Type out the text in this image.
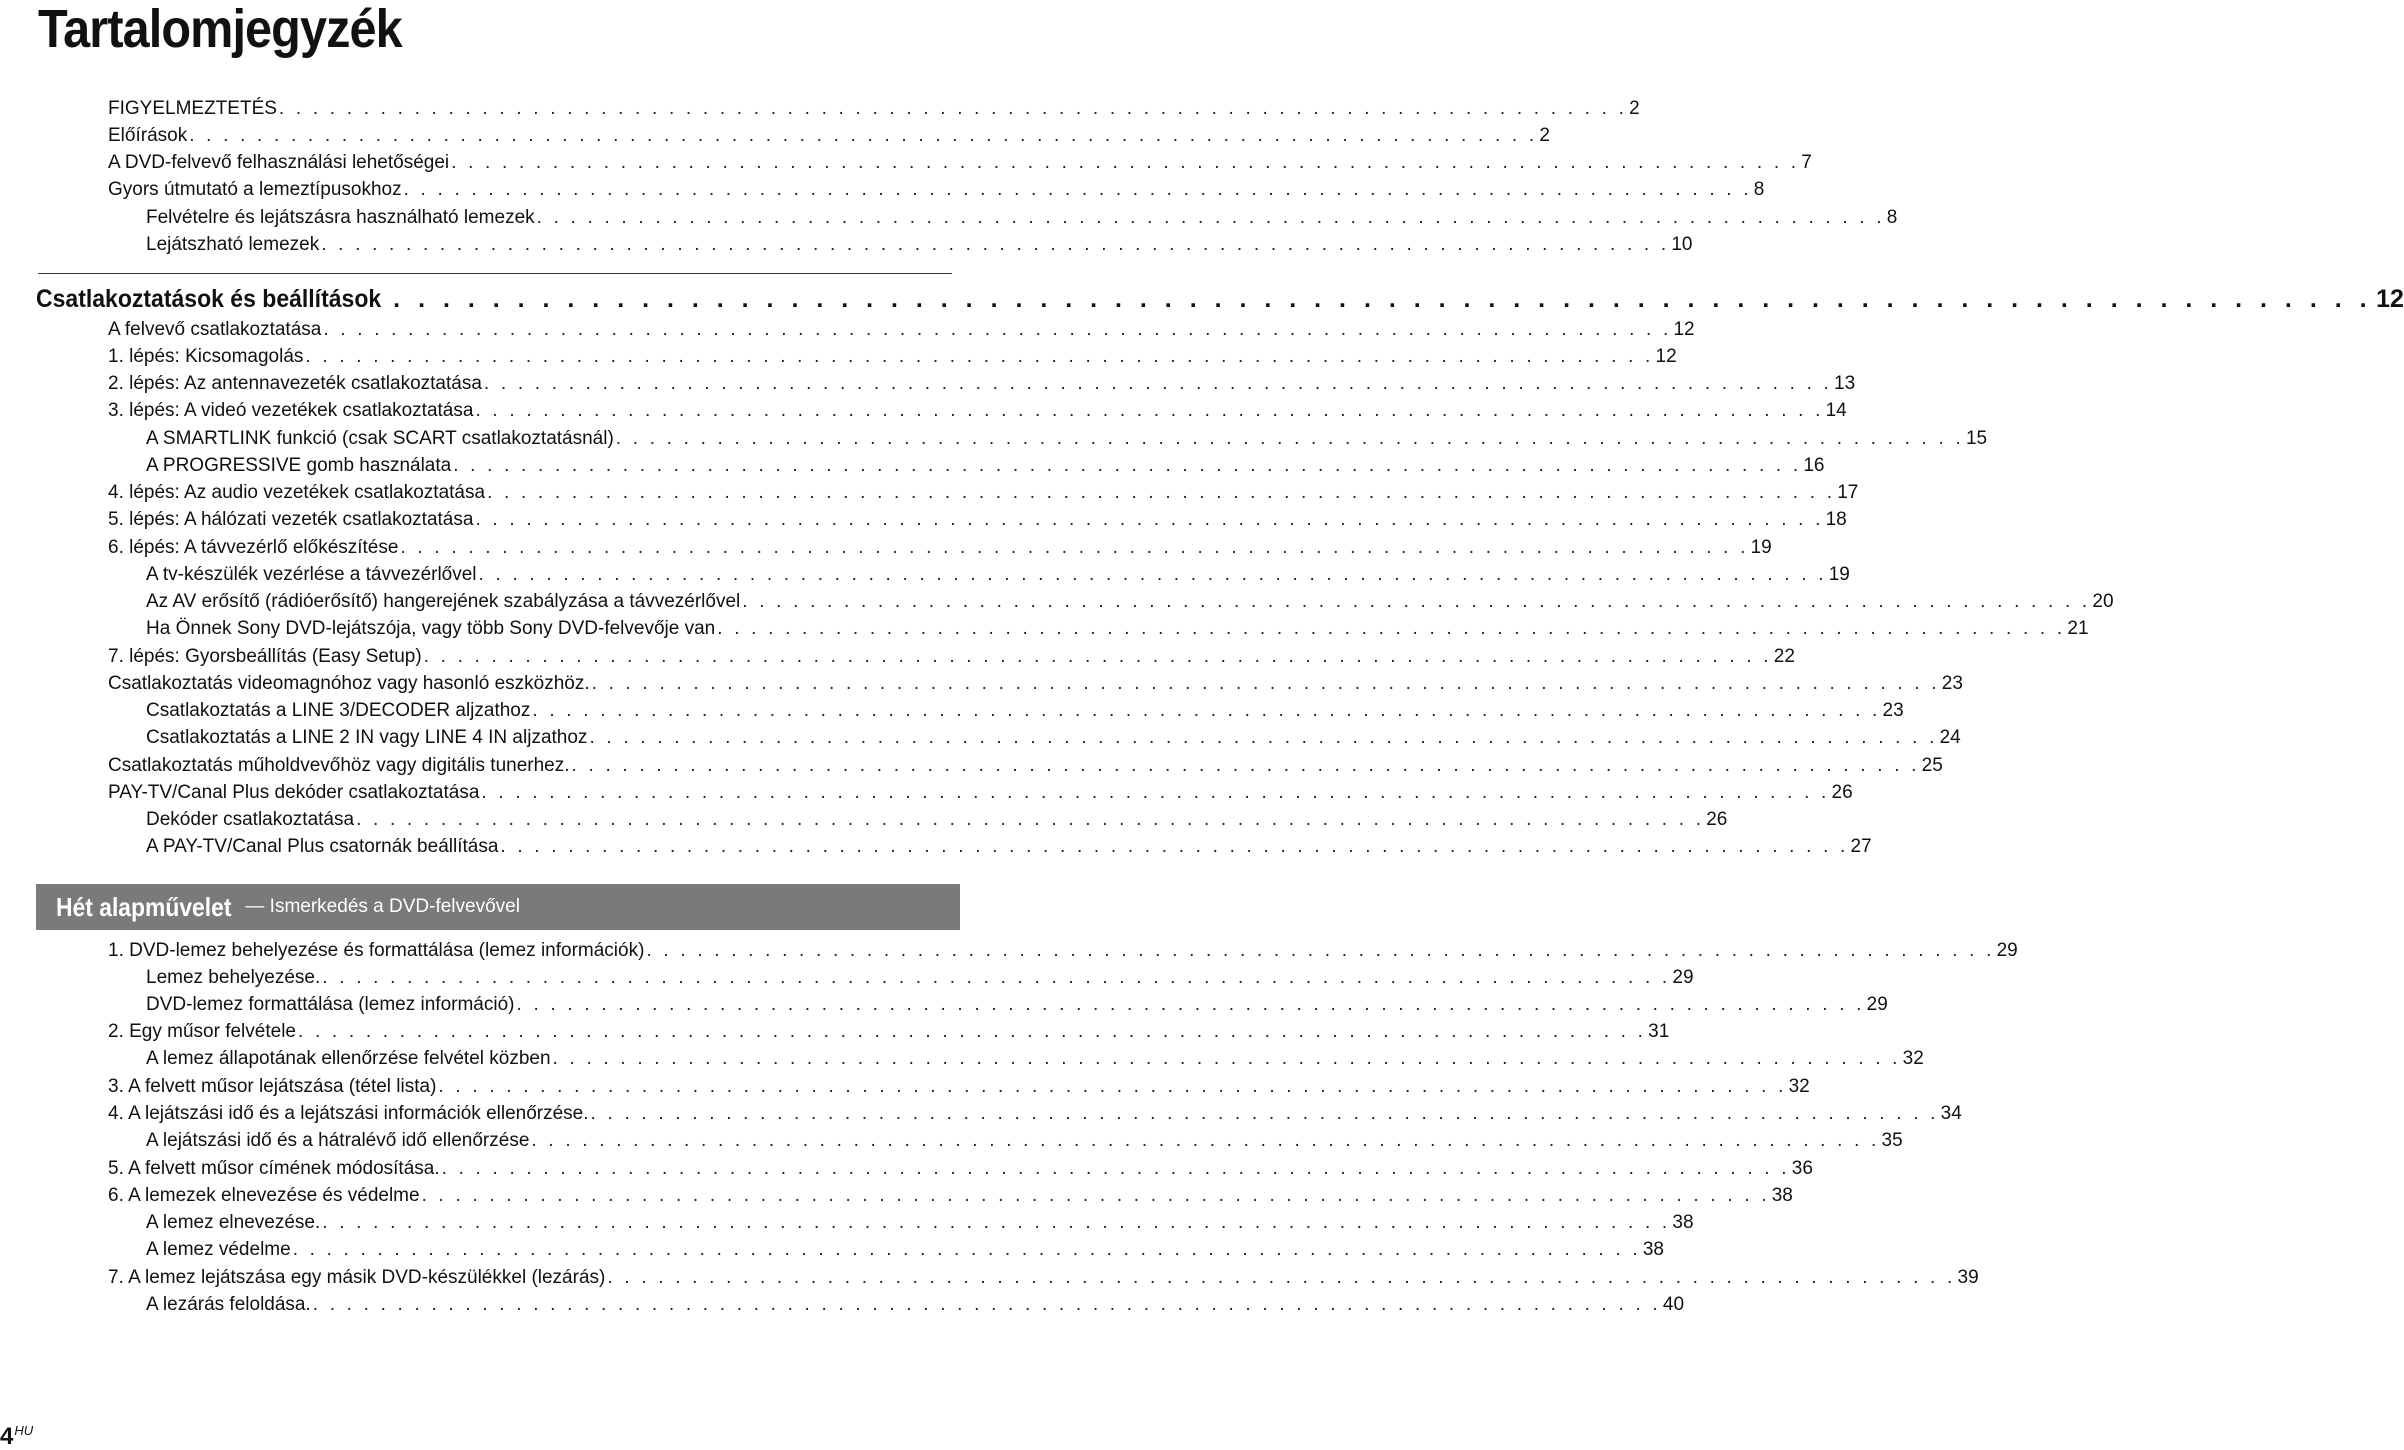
Tartalomjegyzék
FIGYELMEZTETÉS . . . . . . . . . . . . . . . . . . . . . . . . . . . . . . . . . . . . . . . . . . . . . . . . . . . . . . . . . . . . . . . . . . . . . . . . . . . . . . . . 2
Előírások . . . . . . . . . . . . . . . . . . . . . . . . . . . . . . . . . . . . . . . . . . . . . . . . . . . . . . . . . . . . . . . . . . . . . . . . . . . . . . . . 2
A DVD-felvevő felhasználási lehetőségei . . . . . . . . . . . . . . . . . . . . . . . . . . . . . . . . . . . . . . . . . . . . . . . . . . . . . . . . . . . . . . . . . . . . . . . . . . . . . . . . 7
Gyors útmutató a lemeztípusokhoz . . . . . . . . . . . . . . . . . . . . . . . . . . . . . . . . . . . . . . . . . . . . . . . . . . . . . . . . . . . . . . . . . . . . . . . . . . . . . . . . 8
Felvételre és lejátszásra használható lemezek . . . . . . . . . . . . . . . . . . . . . . . . . . . . . . . . . . . . . . . . . . . . . . . . . . . . . . . . . . . . . . . . . . . . . . . . . . . . . . . . 8
Lejátszható lemezek . . . . . . . . . . . . . . . . . . . . . . . . . . . . . . . . . . . . . . . . . . . . . . . . . . . . . . . . . . . . . . . . . . . . . . . . . . . . . . . . 10
Csatlakoztatások és beállítások . . . . . . . . . . . . . . . . . . . . . . . . . . . . . . . . . . . . . . . . . . . . . . . . . . . . . . . . . . . . . . . . . . . . . . . . . . . . . . . . 12
A felvevő csatlakoztatása . . . . . . . . . . . . . . . . . . . . . . . . . . . . . . . . . . . . . . . . . . . . . . . . . . . . . . . . . . . . . . . . . . . . . . . . . . . . . . . . 12
1. lépés: Kicsomagolás . . . . . . . . . . . . . . . . . . . . . . . . . . . . . . . . . . . . . . . . . . . . . . . . . . . . . . . . . . . . . . . . . . . . . . . . . . . . . . . . 12
2. lépés: Az antennavezeték csatlakoztatása . . . . . . . . . . . . . . . . . . . . . . . . . . . . . . . . . . . . . . . . . . . . . . . . . . . . . . . . . . . . . . . . . . . . . . . . . . . . . . . . 13
3. lépés: A videó vezetékek csatlakoztatása . . . . . . . . . . . . . . . . . . . . . . . . . . . . . . . . . . . . . . . . . . . . . . . . . . . . . . . . . . . . . . . . . . . . . . . . . . . . . . . . 14
A SMARTLINK funkció (csak SCART csatlakoztatásnál) . . . . . . . . . . . . . . . . . . . . . . . . . . . . . . . . . . . . . . . . . . . . . . . . . . . . . . . . . . . . . . . . . . . . . . . . . . . . . . . . 15
A PROGRESSIVE gomb használata . . . . . . . . . . . . . . . . . . . . . . . . . . . . . . . . . . . . . . . . . . . . . . . . . . . . . . . . . . . . . . . . . . . . . . . . . . . . . . . . 16
4. lépés: Az audio vezetékek csatlakoztatása . . . . . . . . . . . . . . . . . . . . . . . . . . . . . . . . . . . . . . . . . . . . . . . . . . . . . . . . . . . . . . . . . . . . . . . . . . . . . . . . 17
5. lépés: A hálózati vezeték csatlakoztatása . . . . . . . . . . . . . . . . . . . . . . . . . . . . . . . . . . . . . . . . . . . . . . . . . . . . . . . . . . . . . . . . . . . . . . . . . . . . . . . . 18
6. lépés: A távvezérlő előkészítése . . . . . . . . . . . . . . . . . . . . . . . . . . . . . . . . . . . . . . . . . . . . . . . . . . . . . . . . . . . . . . . . . . . . . . . . . . . . . . . . 19
A tv-készülék vezérlése a távvezérlővel . . . . . . . . . . . . . . . . . . . . . . . . . . . . . . . . . . . . . . . . . . . . . . . . . . . . . . . . . . . . . . . . . . . . . . . . . . . . . . . . 19
Az AV erősítő (rádióerősítő) hangerejének szabályzása a távvezérlővel . . . . . . . . . . . . . . . . . . . . . . . . . . . . . . . . . . . . . . . . . . . . . . . . . . . . . . . . . . . . . . . . . . . . . . . . . . . . . . . . 20
Ha Önnek Sony DVD-lejátszója, vagy több Sony DVD-felvevője van . . . . . . . . . . . . . . . . . . . . . . . . . . . . . . . . . . . . . . . . . . . . . . . . . . . . . . . . . . . . . . . . . . . . . . . . . . . . . . . . 21
7. lépés: Gyorsbeállítás (Easy Setup) . . . . . . . . . . . . . . . . . . . . . . . . . . . . . . . . . . . . . . . . . . . . . . . . . . . . . . . . . . . . . . . . . . . . . . . . . . . . . . . . 22
Csatlakoztatás videomagnóhoz vagy hasonló eszközhöz. . . . . . . . . . . . . . . . . . . . . . . . . . . . . . . . . . . . . . . . . . . . . . . . . . . . . . . . . . . . . . . . . . . . . . . . . . . . . . . . . 23
Csatlakoztatás a LINE 3/DECODER aljzathoz . . . . . . . . . . . . . . . . . . . . . . . . . . . . . . . . . . . . . . . . . . . . . . . . . . . . . . . . . . . . . . . . . . . . . . . . . . . . . . . . 23
Csatlakoztatás a LINE 2 IN vagy LINE 4 IN aljzathoz . . . . . . . . . . . . . . . . . . . . . . . . . . . . . . . . . . . . . . . . . . . . . . . . . . . . . . . . . . . . . . . . . . . . . . . . . . . . . . . . 24
Csatlakoztatás műholdvevőhöz vagy digitális tunerhez. . . . . . . . . . . . . . . . . . . . . . . . . . . . . . . . . . . . . . . . . . . . . . . . . . . . . . . . . . . . . . . . . . . . . . . . . . . . . . . . . 25
PAY-TV/Canal Plus dekóder csatlakoztatása . . . . . . . . . . . . . . . . . . . . . . . . . . . . . . . . . . . . . . . . . . . . . . . . . . . . . . . . . . . . . . . . . . . . . . . . . . . . . . . . 26
Dekóder csatlakoztatása . . . . . . . . . . . . . . . . . . . . . . . . . . . . . . . . . . . . . . . . . . . . . . . . . . . . . . . . . . . . . . . . . . . . . . . . . . . . . . . . 26
A PAY-TV/Canal Plus csatornák beállítása . . . . . . . . . . . . . . . . . . . . . . . . . . . . . . . . . . . . . . . . . . . . . . . . . . . . . . . . . . . . . . . . . . . . . . . . . . . . . . . . 27
Hét alapművelet — Ismerkedés a DVD-felvevővel
1. DVD-lemez behelyezése és formattálása (lemez információk) . . . . . . . . . . . . . . . . . . . . . . . . . . . . . . . . . . . . . . . . . . . . . . . . . . . . . . . . . . . . . . . . . . . . . . . . . . . . . . . . 29
Lemez behelyezése. . . . . . . . . . . . . . . . . . . . . . . . . . . . . . . . . . . . . . . . . . . . . . . . . . . . . . . . . . . . . . . . . . . . . . . . . . . . . . . . . 29
DVD-lemez formattálása (lemez információ) . . . . . . . . . . . . . . . . . . . . . . . . . . . . . . . . . . . . . . . . . . . . . . . . . . . . . . . . . . . . . . . . . . . . . . . . . . . . . . . . 29
2. Egy műsor felvétele . . . . . . . . . . . . . . . . . . . . . . . . . . . . . . . . . . . . . . . . . . . . . . . . . . . . . . . . . . . . . . . . . . . . . . . . . . . . . . . . 31
A lemez állapotának ellenőrzése felvétel közben . . . . . . . . . . . . . . . . . . . . . . . . . . . . . . . . . . . . . . . . . . . . . . . . . . . . . . . . . . . . . . . . . . . . . . . . . . . . . . . . 32
3. A felvett műsor lejátszása (tétel lista) . . . . . . . . . . . . . . . . . . . . . . . . . . . . . . . . . . . . . . . . . . . . . . . . . . . . . . . . . . . . . . . . . . . . . . . . . . . . . . . . 32
4. A lejátszási idő és a lejátszási információk ellenőrzése. . . . . . . . . . . . . . . . . . . . . . . . . . . . . . . . . . . . . . . . . . . . . . . . . . . . . . . . . . . . . . . . . . . . . . . . . . . . . . . . . 34
A lejátszási idő és a hátralévő idő ellenőrzése . . . . . . . . . . . . . . . . . . . . . . . . . . . . . . . . . . . . . . . . . . . . . . . . . . . . . . . . . . . . . . . . . . . . . . . . . . . . . . . . 35
5. A felvett műsor címének módosítása. . . . . . . . . . . . . . . . . . . . . . . . . . . . . . . . . . . . . . . . . . . . . . . . . . . . . . . . . . . . . . . . . . . . . . . . . . . . . . . . . 36
6. A lemezek elnevezése és védelme . . . . . . . . . . . . . . . . . . . . . . . . . . . . . . . . . . . . . . . . . . . . . . . . . . . . . . . . . . . . . . . . . . . . . . . . . . . . . . . . 38
A lemez elnevezése. . . . . . . . . . . . . . . . . . . . . . . . . . . . . . . . . . . . . . . . . . . . . . . . . . . . . . . . . . . . . . . . . . . . . . . . . . . . . . . . . 38
A lemez védelme . . . . . . . . . . . . . . . . . . . . . . . . . . . . . . . . . . . . . . . . . . . . . . . . . . . . . . . . . . . . . . . . . . . . . . . . . . . . . . . . 38
7. A lemez lejátszása egy másik DVD-készülékkel (lezárás) . . . . . . . . . . . . . . . . . . . . . . . . . . . . . . . . . . . . . . . . . . . . . . . . . . . . . . . . . . . . . . . . . . . . . . . . . . . . . . . . 39
A lezárás feloldása. . . . . . . . . . . . . . . . . . . . . . . . . . . . . . . . . . . . . . . . . . . . . . . . . . . . . . . . . . . . . . . . . . . . . . . . . . . . . . . . . 40
$4^{HU}$
